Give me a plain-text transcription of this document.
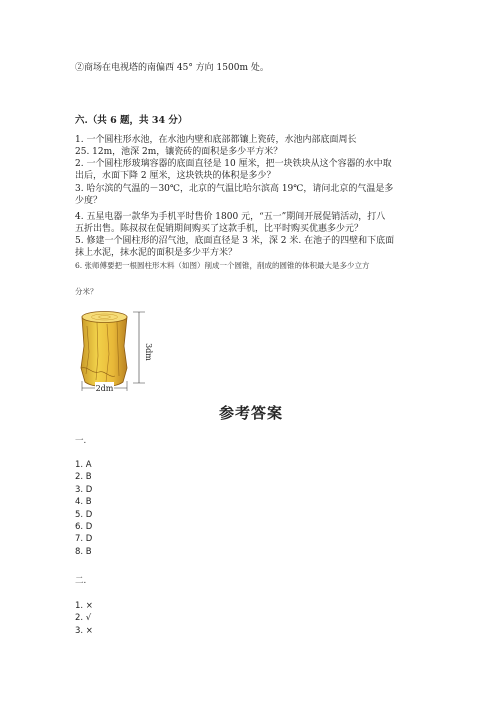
②商场在电视塔的南偏西 45° 方向 1500m 处。
六.（共 6 题，共 34 分）
1. 一个圆柱形水池，在水池内壁和底部都镶上瓷砖，水池内部底面周长
25. 12m，池深 2m，镶瓷砖的面积是多少平方米？
2. 一个圆柱形玻璃容器的底面直径是 10 厘米，把一块铁块从这个容器的水中取
出后，水面下降 2 厘米，这块铁块的体积是多少？
3. 哈尔滨的气温的－30℃，北京的气温比哈尔滨高 19℃，请问北京的气温是多
少度？
4. 五星电器一款华为手机平时售价 1800 元，“五一”期间开展促销活动，打八
五折出售。陈叔叔在促销期间购买了这款手机，比平时购买优惠多少元？
5. 修建一个圆柱形的沼气池，底面直径是 3 米，深 2 米. 在池子的四壁和下底面
抹上水泥，抹水泥的面积是多少平方米？
6. 张师傅要把一根圆柱形木料（如图）削成一个圆锥，削成的圆锥的体积最大是多少立方
分米？
3dm
2dm
参考答案
一.
1. A
2. B
3. D
4. B
5. D
6. D
7. D
8. B
二.
1. ×
2. √
3. ×
